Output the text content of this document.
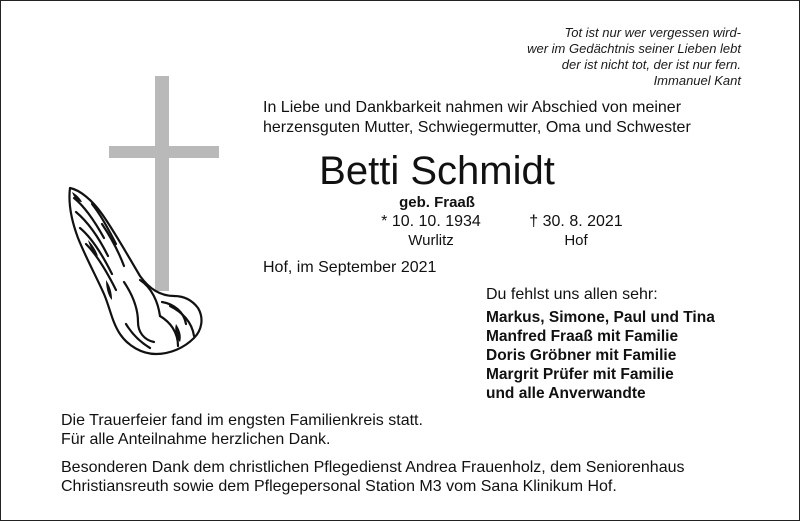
Tot ist nur wer vergessen wird-
wer im Gedächtnis seiner Lieben lebt
der ist nicht tot, der ist nur fern.
Immanuel Kant
In Liebe und Dankbarkeit nahmen wir Abschied von meiner
herzensguten Mutter, Schwiegermutter, Oma und Schwester
Betti Schmidt
geb. Fraaß
* 10. 10. 1934
Wurlitz
† 30. 8. 2021
Hof
Hof, im September 2021
Du fehlst uns allen sehr:
Markus, Simone, Paul und Tina
Manfred Fraaß mit Familie
Doris Gröbner mit Familie
Margrit Prüfer mit Familie
und alle Anverwandte
Die Trauerfeier fand im engsten Familienkreis statt.
Für alle Anteilnahme herzlichen Dank.
Besonderen Dank dem christlichen Pflegedienst Andrea Frauenholz, dem Seniorenhaus
Christiansreuth sowie dem Pflegepersonal Station M3 vom Sana Klinikum Hof.
